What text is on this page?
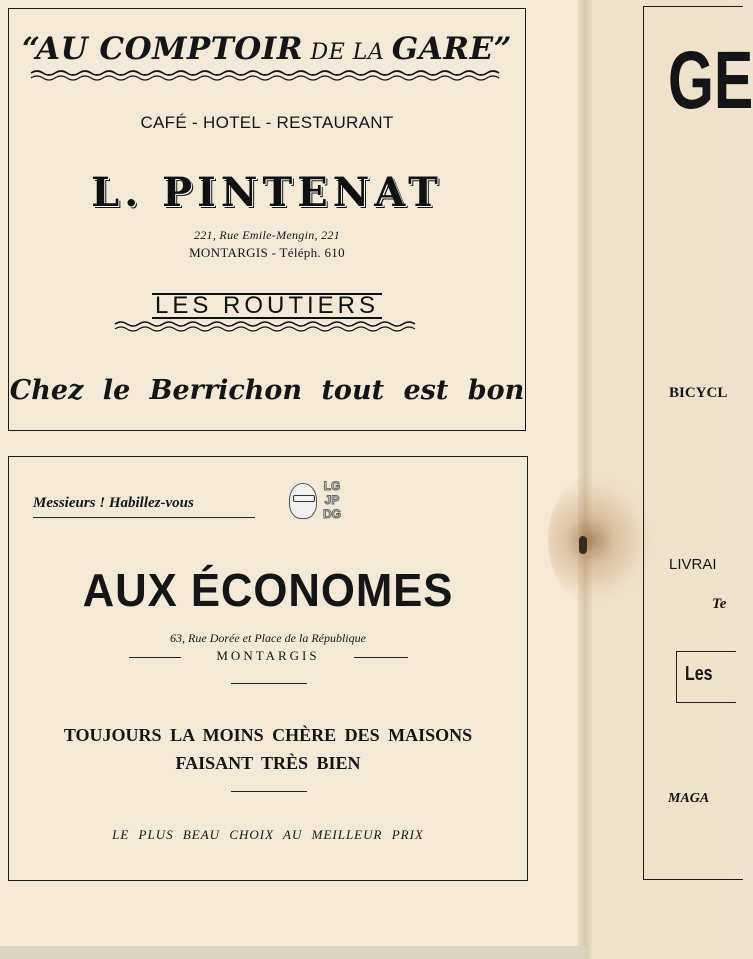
“AU COMPTOIR DE LA GARE”
CAFÉ - HOTEL - RESTAURANT
L. PINTENAT
221, Rue Emile-Mengin, 221
MONTARGIS - Téléph. 610
LES ROUTIERS
Chez le Berrichon tout est bon
Messieurs ! Habillez-vous
LG
JP
DG
AUX ÉCONOMES
63, Rue Dorée et Place de la République
MONTARGIS
TOUJOURS LA MOINS CHÈRE DES MAISONS
FAISANT TRÈS BIEN
LE PLUS BEAU CHOIX AU MEILLEUR PRIX
GE
BICYCL
LIVRAI
Te
Les
MAGA
